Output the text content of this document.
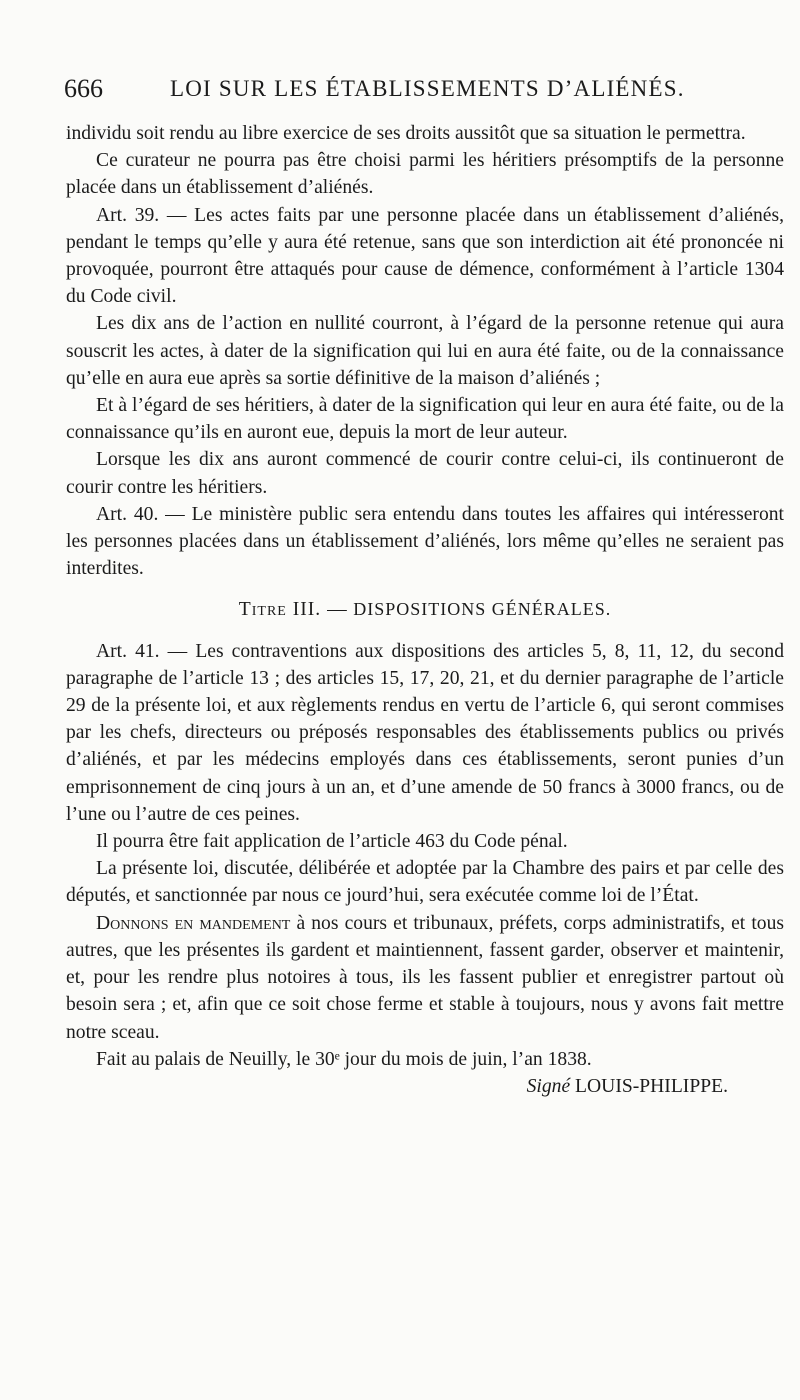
666	LOI SUR LES ÉTABLISSEMENTS D’ALIÉNÉS.

individu soit rendu au libre exercice de ses droits aussitôt que sa situation le permettra.

Ce curateur ne pourra pas être choisi parmi les héritiers présomptifs de la personne placée dans un établissement d’aliénés.

Art. 39. — Les actes faits par une personne placée dans un établissement d’aliénés, pendant le temps qu’elle y aura été retenue, sans que son interdiction ait été prononcée ni provoquée, pourront être attaqués pour cause de démence, conformément à l’article 1304 du Code civil.

Les dix ans de l’action en nullité courront, à l’égard de la personne retenue qui aura souscrit les actes, à dater de la signification qui lui en aura été faite, ou de la connaissance qu’elle en aura eue après sa sortie définitive de la maison d’aliénés ;

Et à l’égard de ses héritiers, à dater de la signification qui leur en aura été faite, ou de la connaissance qu’ils en auront eue, depuis la mort de leur auteur.

Lorsque les dix ans auront commencé de courir contre celui-ci, ils continueront de courir contre les héritiers.

Art. 40. — Le ministère public sera entendu dans toutes les affaires qui intéresseront les personnes placées dans un établissement d’aliénés, lors même qu’elles ne seraient pas interdites.

Titre III. — DISPOSITIONS GÉNÉRALES.

Art. 41. — Les contraventions aux dispositions des articles 5, 8, 11, 12, du second paragraphe de l’article 13 ; des articles 15, 17, 20, 21, et du dernier paragraphe de l’article 29 de la présente loi, et aux règlements rendus en vertu de l’article 6, qui seront commises par les chefs, directeurs ou préposés responsables des établissements publics ou privés d’aliénés, et par les médecins employés dans ces établissements, seront punies d’un emprisonnement de cinq jours à un an, et d’une amende de 50 francs à 3000 francs, ou de l’une ou l’autre de ces peines.

Il pourra être fait application de l’article 463 du Code pénal.

La présente loi, discutée, délibérée et adoptée par la Chambre des pairs et par celle des députés, et sanctionnée par nous ce jourd’hui, sera exécutée comme loi de l’État.

Donnons en mandement à nos cours et tribunaux, préfets, corps administratifs, et tous autres, que les présentes ils gardent et maintiennent, fassent garder, observer et maintenir, et, pour les rendre plus notoires à tous, ils les fassent publier et enregistrer partout où besoin sera ; et, afin que ce soit chose ferme et stable à toujours, nous y avons fait mettre notre sceau.

Fait au palais de Neuilly, le 30ᵉ jour du mois de juin, l’an 1838.

Signé LOUIS-PHILIPPE.
